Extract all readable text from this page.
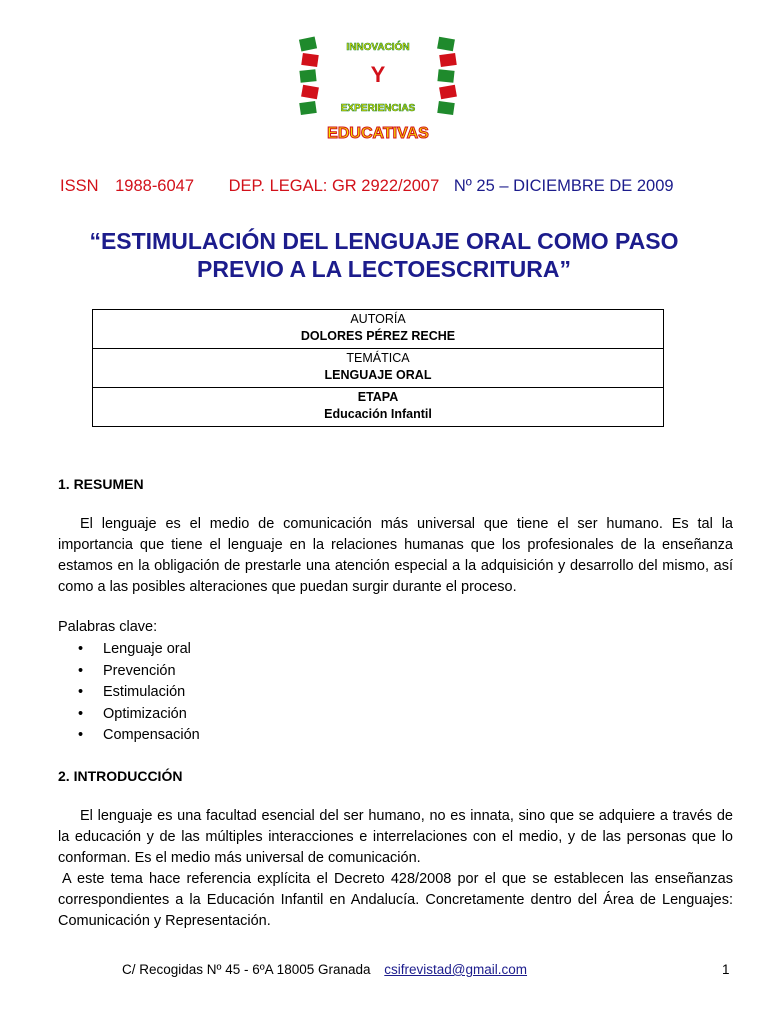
INNOVACIÓN
Y
EXPERIENCIAS
EDUCATIVAS
ISSN 1988-6047 DEP. LEGAL: GR 2922/2007 Nº 25 – DICIEMBRE DE 2009
“ESTIMULACIÓN DEL LENGUAJE ORAL COMO PASO
PREVIO A LA LECTOESCRITURA”
AUTORÍA
DOLORES PÉREZ RECHE

TEMÁTICA
LENGUAJE ORAL

ETAPA
Educación Infantil
1. RESUMEN

El lenguaje es el medio de comunicación más universal que tiene el ser humano. Es tal la importancia que tiene el lenguaje en la relaciones humanas que los profesionales de la enseñanza estamos en la obligación de prestarle una atención especial a la adquisición y desarrollo del mismo, así como a las posibles alteraciones que puedan surgir durante el proceso.

Palabras clave:
• Lenguaje oral
• Prevención
• Estimulación
• Optimización
• Compensación
2. INTRODUCCIÓN

El lenguaje es una facultad esencial del ser humano, no es innata, sino que se adquiere a través de la educación y de las múltiples interacciones e interrelaciones con el medio, y de las personas que lo conforman. Es el medio más universal de comunicación.

A este tema hace referencia explícita el Decreto 428/2008 por el que se establecen las enseñanzas correspondientes a la Educación Infantil en Andalucía. Concretamente dentro del Área de Lenguajes: Comunicación y Representación.

C/ Recogidas Nº 45 - 6ºA 18005 Granada csifrevistad@gmail.com	1
